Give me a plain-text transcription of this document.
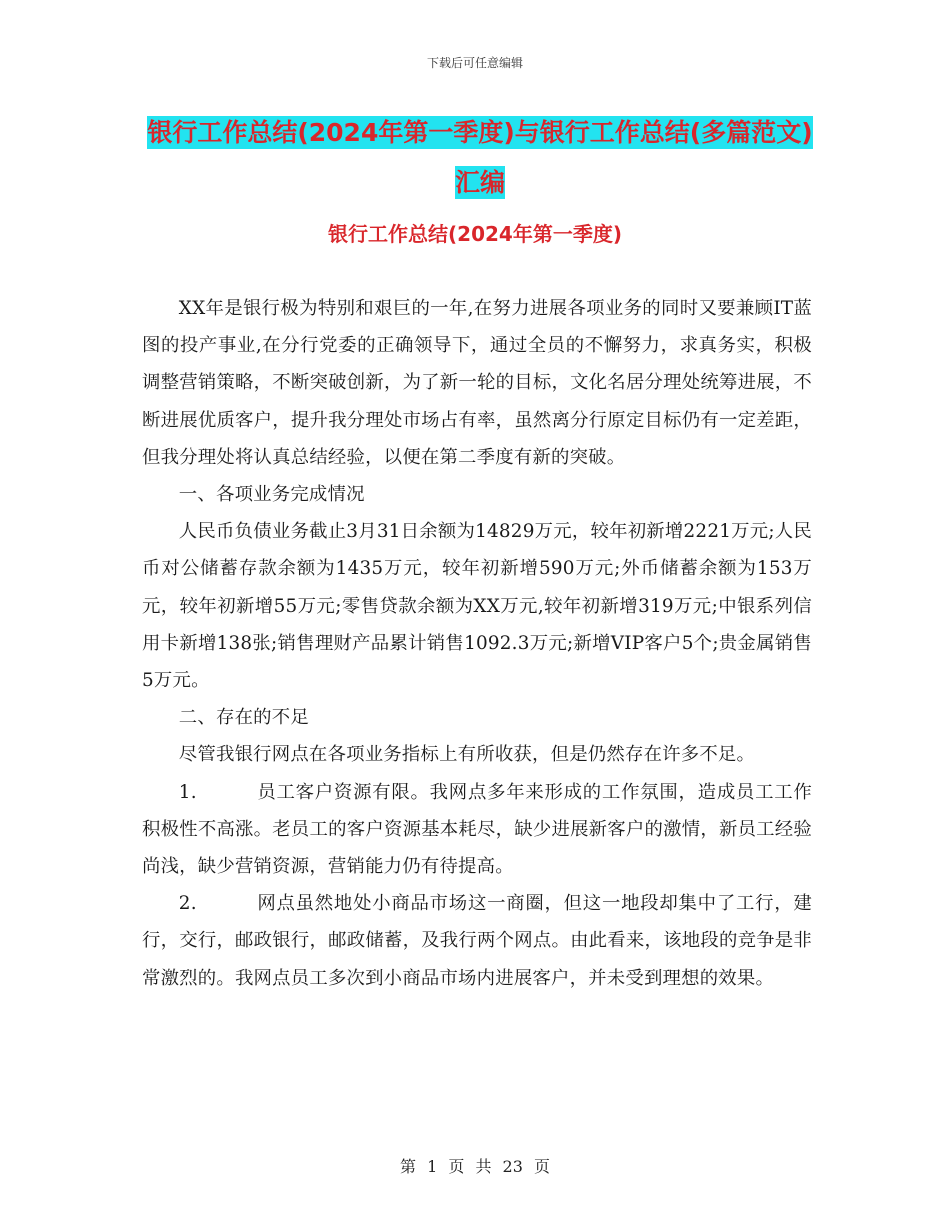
下载后可任意编辑
银行工作总结(2024年第一季度)与银行工作总结(多篇范文)汇编
银行工作总结(2024年第一季度)

XX年是银行极为特别和艰巨的一年,在努力进展各项业务的同时又要兼顾IT蓝图的投产事业,在分行党委的正确领导下，通过全员的不懈努力，求真务实，积极调整营销策略，不断突破创新，为了新一轮的目标，文化名居分理处统筹进展，不断进展优质客户，提升我分理处市场占有率，虽然离分行原定目标仍有一定差距，但我分理处将认真总结经验，以便在第二季度有新的突破。

一、各项业务完成情况

人民币负债业务截止3月31日余额为14829万元，较年初新增2221万元;人民币对公储蓄存款余额为1435万元，较年初新增590万元;外币储蓄余额为153万元，较年初新增55万元;零售贷款余额为XX万元,较年初新增319万元;中银系列信用卡新增138张;销售理财产品累计销售1092.3万元;新增VIP客户5个;贵金属销售5万元。

二、存在的不足

尽管我银行网点在各项业务指标上有所收获，但是仍然存在许多不足。

1.	员工客户资源有限。我网点多年来形成的工作氛围，造成员工工作积极性不高涨。老员工的客户资源基本耗尽，缺少进展新客户的激情，新员工经验尚浅，缺少营销资源，营销能力仍有待提高。

2.	网点虽然地处小商品市场这一商圈，但这一地段却集中了工行，建行，交行，邮政银行，邮政储蓄，及我行两个网点。由此看来，该地段的竞争是非常激烈的。我网点员工多次到小商品市场内进展客户，并未受到理想的效果。

第 1 页 共 23 页
